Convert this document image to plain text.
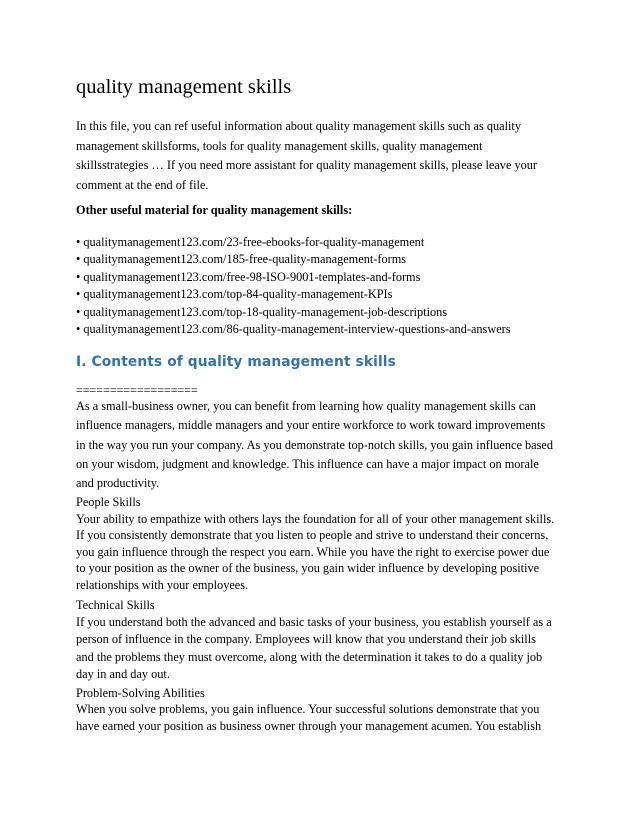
quality management skills

In this file, you can ref useful information about quality management skills such as quality
management skillsforms, tools for quality management skills, quality management
skillsstrategies … If you need more assistant for quality management skills, please leave your
comment at the end of file.

Other useful material for quality management skills:
• qualitymanagement123.com/23-free-ebooks-for-quality-management
• qualitymanagement123.com/185-free-quality-management-forms
• qualitymanagement123.com/free-98-ISO-9001-templates-and-forms
• qualitymanagement123.com/top-84-quality-management-KPIs
• qualitymanagement123.com/top-18-quality-management-job-descriptions
• qualitymanagement123.com/86-quality-management-interview-questions-and-answers
I. Contents of quality management skills
==================

As a small-business owner, you can benefit from learning how quality management skills can
influence managers, middle managers and your entire workforce to work toward improvements
in the way you run your company. As you demonstrate top-notch skills, you gain influence based
on your wisdom, judgment and knowledge. This influence can have a major impact on morale
and productivity.

People Skills
Your ability to empathize with others lays the foundation for all of your other management skills.
If you consistently demonstrate that you listen to people and strive to understand their concerns,
you gain influence through the respect you earn. While you have the right to exercise power due
to your position as the owner of the business, you gain wider influence by developing positive
relationships with your employees.

Technical Skills
If you understand both the advanced and basic tasks of your business, you establish yourself as a
person of influence in the company. Employees will know that you understand their job skills
and the problems they must overcome, along with the determination it takes to do a quality job
day in and day out.

Problem-Solving Abilities
When you solve problems, you gain influence. Your successful solutions demonstrate that you
have earned your position as business owner through your management acumen. You establish
